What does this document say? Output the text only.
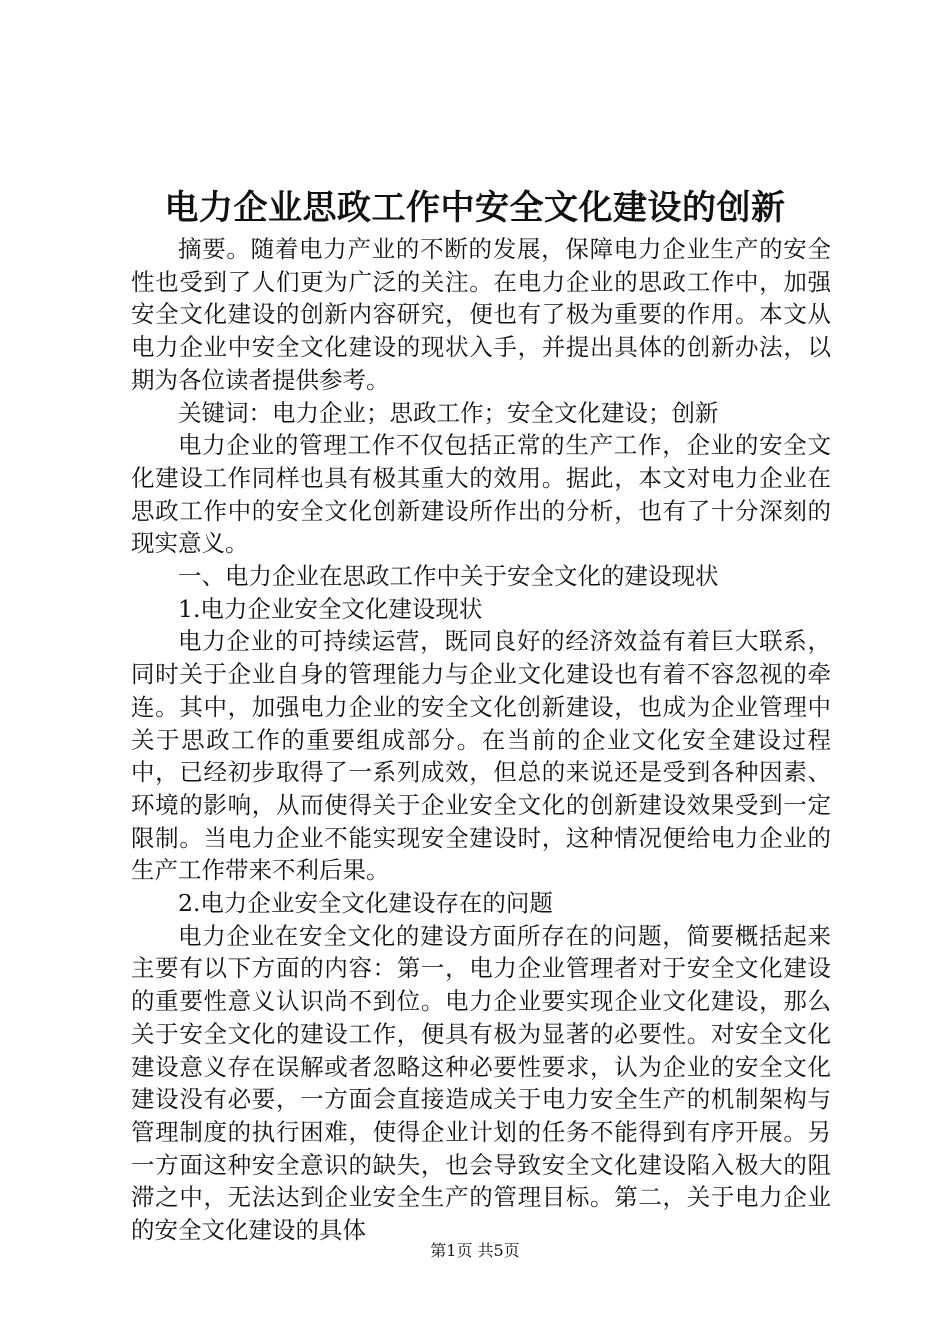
电力企业思政工作中安全文化建设的创新

摘要。随着电力产业的不断的发展，保障电力企业生产的安全性也受到了人们更为广泛的关注。在电力企业的思政工作中，加强安全文化建设的创新内容研究，便也有了极为重要的作用。本文从电力企业中安全文化建设的现状入手，并提出具体的创新办法，以期为各位读者提供参考。

关键词：电力企业；思政工作；安全文化建设；创新

电力企业的管理工作不仅包括正常的生产工作，企业的安全文化建设工作同样也具有极其重大的效用。据此，本文对电力企业在思政工作中的安全文化创新建设所作出的分析，也有了十分深刻的现实意义。

一、电力企业在思政工作中关于安全文化的建设现状

1.电力企业安全文化建设现状

电力企业的可持续运营，既同良好的经济效益有着巨大联系，同时关于企业自身的管理能力与企业文化建设也有着不容忽视的牵连。其中，加强电力企业的安全文化创新建设，也成为企业管理中关于思政工作的重要组成部分。在当前的企业文化安全建设过程中，已经初步取得了一系列成效，但总的来说还是受到各种因素、环境的影响，从而使得关于企业安全文化的创新建设效果受到一定限制。当电力企业不能实现安全建设时，这种情况便给电力企业的生产工作带来不利后果。

2.电力企业安全文化建设存在的问题

电力企业在安全文化的建设方面所存在的问题，简要概括起来主要有以下方面的内容：第一，电力企业管理者对于安全文化建设的重要性意义认识尚不到位。电力企业要实现企业文化建设，那么关于安全文化的建设工作，便具有极为显著的必要性。对安全文化建设意义存在误解或者忽略这种必要性要求，认为企业的安全文化建设没有必要，一方面会直接造成关于电力安全生产的机制架构与管理制度的执行困难，使得企业计划的任务不能得到有序开展。另一方面这种安全意识的缺失，也会导致安全文化建设陷入极大的阻滞之中，无法达到企业安全生产的管理目标。第二，关于电力企业的安全文化建设的具体

第1页 共5页
